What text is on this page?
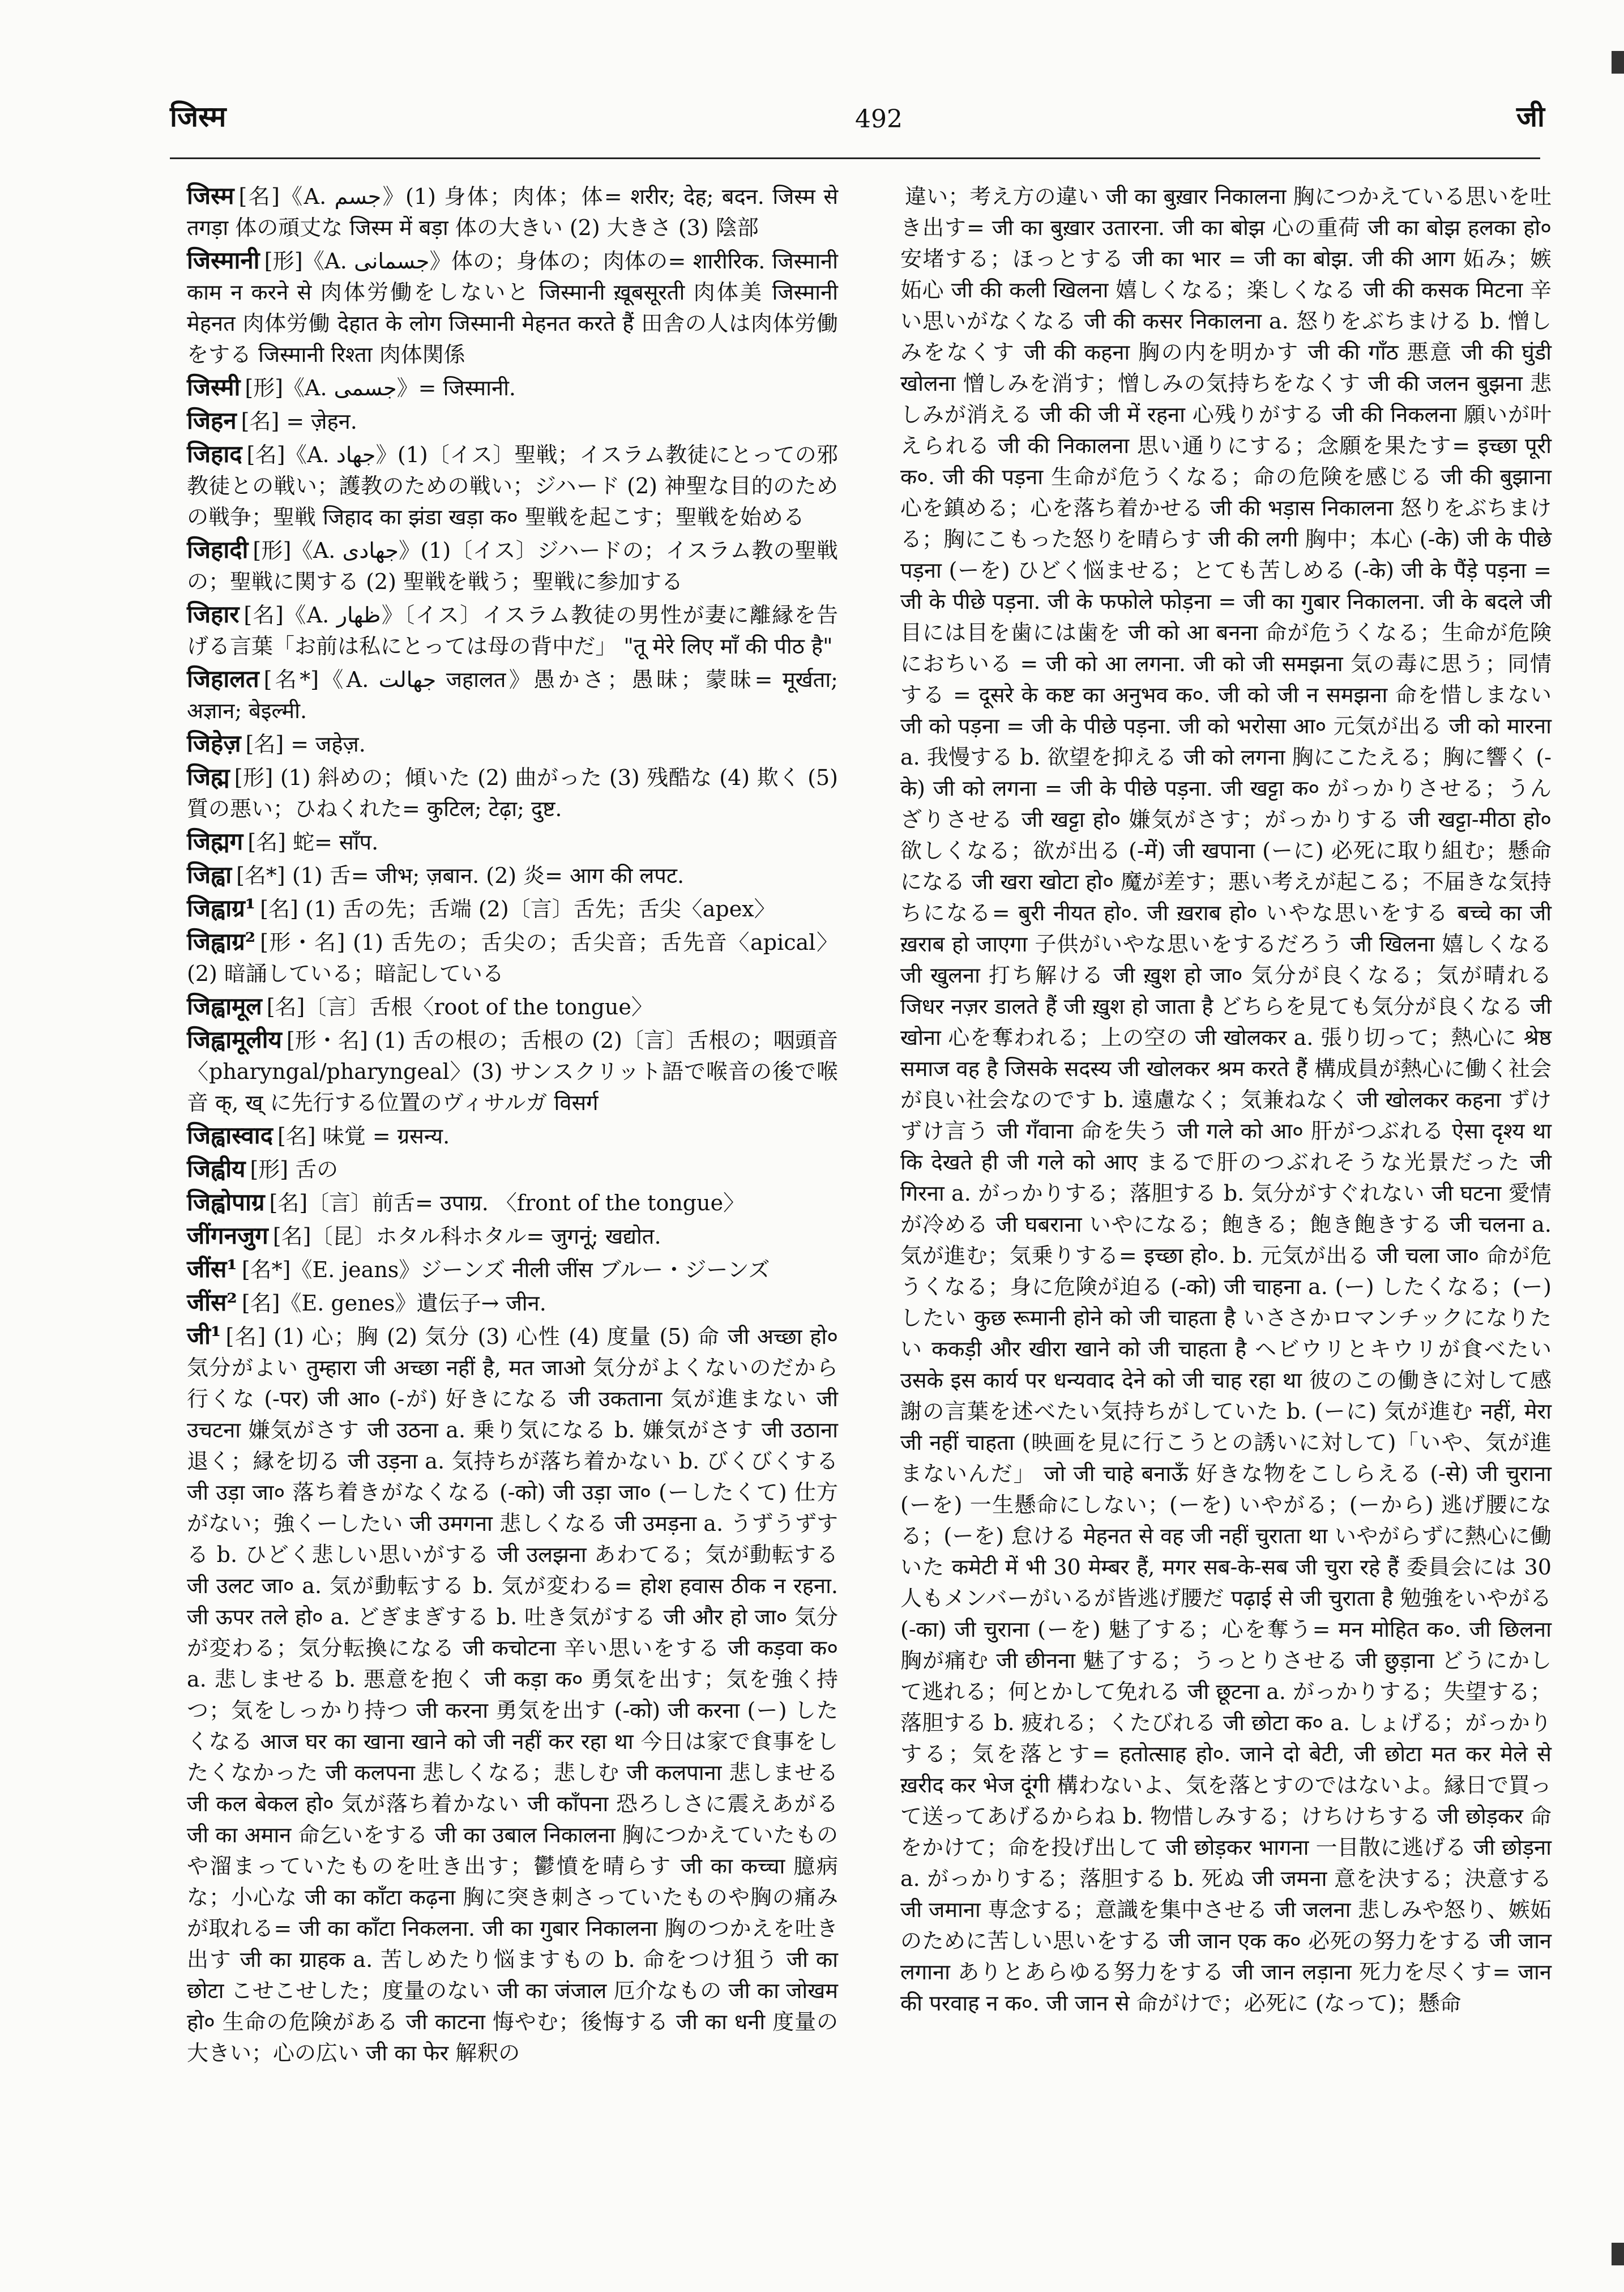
जिस्म	492	जी
जिस्म [名]《A. جسم》(1) 身体；肉体；体= शरीर; देह; बदन. जिस्म से तगड़ा 体の頑丈な जिस्म में बड़ा 体の大きい (2) 大きさ (3) 陰部
जिस्मानी [形]《A. جسمانی》体の；身体の；肉体の= शारीरिक. जिस्मानी काम न करने से 肉体労働をしないと जिस्मानी ख़ूबसूरती 肉体美 जिस्मानी मेहनत 肉体労働 देहात के लोग जिस्मानी मेहनत करते हैं 田舎の人は肉体労働をする जिस्मानी रिश्ता 肉体関係
जिस्मी [形]《A. جسمی》= जिस्मानी.
जिहन [名] = ज़ेहन.
जिहाद [名]《A. جهاد》(1)〔イス〕聖戦；イスラム教徒にとっての邪教徒との戦い；護教のための戦い；ジハード (2) 神聖な目的のための戦争；聖戦 जिहाद का झंडा खड़ा क० 聖戦を起こす；聖戦を始める
जिहादी [形]《A. جهادی》(1)〔イス〕ジハードの；イスラム教の聖戦の；聖戦に関する (2) 聖戦を戦う；聖戦に参加する
जिहार [名]《A. ظهار》〔イス〕イスラム教徒の男性が妻に離縁を告げる言葉「お前は私にとっては母の背中だ」 "तू मेरे लिए माँ की पीठ है"
जिहालत [名*]《A. جهالت जहालत》愚かさ；愚昧；蒙昧= मूर्खता; अज्ञान; बेइल्मी.
जिहेज़ [名] = जहेज़.
जिह्म [形] (1) 斜めの；傾いた (2) 曲がった (3) 残酷な (4) 欺く (5) 質の悪い；ひねくれた= कुटिल; टेढ़ा; दुष्ट.
जिह्मग [名] 蛇= साँप.
जिह्वा [名*] (1) 舌= जीभ; ज़बान. (2) 炎= आग की लपट.
जिह्वाग्र¹ [名] (1) 舌の先；舌端 (2)〔言〕舌先；舌尖〈apex〉
जिह्वाग्र² [形・名] (1) 舌先の；舌尖の；舌尖音；舌先音〈apical〉(2) 暗誦している；暗記している
जिह्वामूल [名]〔言〕舌根〈root of the tongue〉
जिह्वामूलीय [形・名] (1) 舌の根の；舌根の (2)〔言〕舌根の；咽頭音〈pharyngal/pharyngeal〉(3) サンスクリット語で喉音の後で喉音 क्, ख् に先行する位置のヴィサルガ विसर्ग
जिह्वास्वाद [名] 味覚 = ग्रसन्य.
जिह्वीय [形] 舌の
जिह्वोपाग्र [名]〔言〕前舌= उपाग्र. 〈front of the tongue〉
जींगनजुग [名]〔昆〕ホタル科ホタル= जुगनूं; खद्योत.
जींस¹ [名*]《E. jeans》ジーンズ नीली जींस ブルー・ジーンズ
जींस² [名]《E. genes》遺伝子→ जीन.
जी¹ [名] (1) 心；胸 (2) 気分 (3) 心性 (4) 度量 (5) 命 जी अच्छा हो० 気分がよい तुम्हारा जी अच्छा नहीं है, मत जाओ 気分がよくないのだから行くな (-पर) जी आ० (-が) 好きになる जी उकताना 気が進まない जी उचटना 嫌気がさす जी उठना a. 乗り気になる b. 嫌気がさす जी उठाना 退く；縁を切る जी उड़ना a. 気持ちが落ち着かない b. びくびくする जी उड़ा जा० 落ち着きがなくなる (-को) जी उड़ा जा० (ーしたくて) 仕方がない；強くーしたい जी उमगना 悲しくなる जी उमड़ना a. うずうずする b. ひどく悲しい思いがする जी उलझना あわてる；気が動転する जी उलट जा० a. 気が動転する b. 気が変わる= होश हवास ठीक न रहना. जी ऊपर तले हो० a. どぎまぎする b. 吐き気がする जी और हो जा० 気分が変わる；気分転換になる जी कचोटना 辛い思いをする जी कड़वा क० a. 悲しませる b. 悪意を抱く जी कड़ा क० 勇気を出す；気を強く持つ；気をしっかり持つ जी करना 勇気を出す (-को) जी करना (ー) したくなる आज घर का खाना खाने को जी नहीं कर रहा था 今日は家で食事をしたくなかった जी कलपना 悲しくなる；悲しむ जी कलपाना 悲しませる जी कल बेकल हो० 気が落ち着かない जी काँपना 恐ろしさに震えあがる जी का अमान 命乞いをする जी का उबाल निकालना 胸につかえていたものや溜まっていたものを吐き出す；鬱憤を晴らす जी का कच्चा 臆病な；小心な जी का काँटा कढ़ना 胸に突き刺さっていたものや胸の痛みが取れる= जी का काँटा निकलना. जी का गुबार निकालना 胸のつかえを吐き出す जी का ग्राहक a. 苦しめたり悩ますもの b. 命をつけ狙う जी का छोटा こせこせした；度量のない जी का जंजाल 厄介なもの जी का जोखम हो० 生命の危険がある जी काटना 悔やむ；後悔する जी का धनी 度量の大きい；心の広い जी का फेर 解釈の
違い；考え方の違い जी का बुख़ार निकालना 胸につかえている思いを吐き出す= जी का बुख़ार उतारना. जी का बोझ 心の重荷 जी का बोझ हलका हो० 安堵する；ほっとする जी का भार = जी का बोझ. जी की आग 妬み；嫉妬心 जी की कली खिलना 嬉しくなる；楽しくなる जी की कसक मिटना 辛い思いがなくなる जी की कसर निकालना a. 怒りをぶちまける b. 憎しみをなくす जी की कहना 胸の内を明かす जी की गाँठ 悪意 जी की घुंडी खोलना 憎しみを消す；憎しみの気持ちをなくす जी की जलन बुझना 悲しみが消える जी की जी में रहना 心残りがする जी की निकलना 願いが叶えられる जी की निकालना 思い通りにする；念願を果たす= इच्छा पूरी क०. जी की पड़ना 生命が危うくなる；命の危険を感じる जी की बुझाना 心を鎮める；心を落ち着かせる जी की भड़ास निकालना 怒りをぶちまける；胸にこもった怒りを晴らす जी की लगी 胸中；本心 (-के) जी के पीछे पड़ना (ーを) ひどく悩ませる；とても苦しめる (-के) जी के पैंड़े पड़ना = जी के पीछे पड़ना. जी के फफोले फोड़ना = जी का गुबार निकालना. जी के बदले जी 目には目を歯には歯を जी को आ बनना 命が危うくなる；生命が危険におちいる = जी को आ लगना. जी को जी समझना 気の毒に思う；同情する = दूसरे के कष्ट का अनुभव क०. जी को जी न समझना 命を惜しまない जी को पड़ना = जी के पीछे पड़ना. जी को भरोसा आ० 元気が出る जी को मारना a. 我慢する b. 欲望を抑える जी को लगना 胸にこたえる；胸に響く (-के) जी को लगना = जी के पीछे पड़ना. जी खट्टा क० がっかりさせる；うんざりさせる जी खट्टा हो० 嫌気がさす；がっかりする जी खट्टा-मीठा हो० 欲しくなる；欲が出る (-में) जी खपाना (ーに) 必死に取り組む；懸命になる जी खरा खोटा हो० 魔が差す；悪い考えが起こる；不届きな気持ちになる= बुरी नीयत हो०. जी ख़राब हो० いやな思いをする बच्चे का जी ख़राब हो जाएगा 子供がいやな思いをするだろう जी खिलना 嬉しくなる जी खुलना 打ち解ける जी ख़ुश हो जा० 気分が良くなる；気が晴れる जिधर नज़र डालते हैं जी ख़ुश हो जाता है どちらを見ても気分が良くなる जी खोना 心を奪われる；上の空の जी खोलकर a. 張り切って；熱心に श्रेष्ठ समाज वह है जिसके सदस्य जी खोलकर श्रम करते हैं 構成員が熱心に働く社会が良い社会なのです b. 遠慮なく；気兼ねなく जी खोलकर कहना ずけずけ言う जी गँवाना 命を失う जी गले को आ० 肝がつぶれる ऐसा दृश्य था कि देखते ही जी गले को आए まるで肝のつぶれそうな光景だった जी गिरना a. がっかりする；落胆する b. 気分がすぐれない जी घटना 愛情が冷める जी घबराना いやになる；飽きる；飽き飽きする जी चलना a. 気が進む；気乗りする= इच्छा हो०. b. 元気が出る जी चला जा० 命が危うくなる；身に危険が迫る (-को) जी चाहना a. (ー) したくなる；(ー) したい कुछ रूमानी होने को जी चाहता है いささかロマンチックになりたい ककड़ी और खीरा खाने को जी चाहता है ヘビウリとキウリが食べたい उसके इस कार्य पर धन्यवाद देने को जी चाह रहा था 彼のこの働きに対して感謝の言葉を述べたい気持ちがしていた b. (ーに) 気が進む नहीं, मेरा जी नहीं चाहता (映画を見に行こうとの誘いに対して)「いや、気が進まないんだ」 जो जी चाहे बनाऊँ 好きな物をこしらえる (-से) जी चुराना (ーを) 一生懸命にしない；(ーを) いやがる；(ーから) 逃げ腰になる；(ーを) 怠ける मेहनत से वह जी नहीं चुराता था いやがらずに熱心に働いた कमेटी में भी 30 मेम्बर हैं, मगर सब-के-सब जी चुरा रहे हैं 委員会には 30 人もメンバーがいるが皆逃げ腰だ पढ़ाई से जी चुराता है 勉強をいやがる (-का) जी चुराना (ーを) 魅了する；心を奪う= मन मोहित क०. जी छिलना 胸が痛む जी छीनना 魅了する；うっとりさせる जी छुड़ाना どうにかして逃れる；何とかして免れる जी छूटना a. がっかりする；失望する；落胆する b. 疲れる；くたびれる जी छोटा क० a. しょげる；がっかりする；気を落とす= हतोत्साह हो०. जाने दो बेटी, जी छोटा मत कर मेले से ख़रीद कर भेज दूंगी 構わないよ、気を落とすのではないよ。縁日で買って送ってあげるからね b. 物惜しみする；けちけちする जी छोड़कर 命をかけて；命を投げ出して जी छोड़कर भागना 一目散に逃げる जी छोड़ना a. がっかりする；落胆する b. 死ぬ जी जमना 意を決する；決意する जी जमाना 専念する；意識を集中させる जी जलना 悲しみや怒り、嫉妬のために苦しい思いをする जी जान एक क० 必死の努力をする जी जान लगाना ありとあらゆる努力をする जी जान लड़ाना 死力を尽くす= जान की परवाह न क०. जी जान से 命がけで；必死に (なって)；懸命
